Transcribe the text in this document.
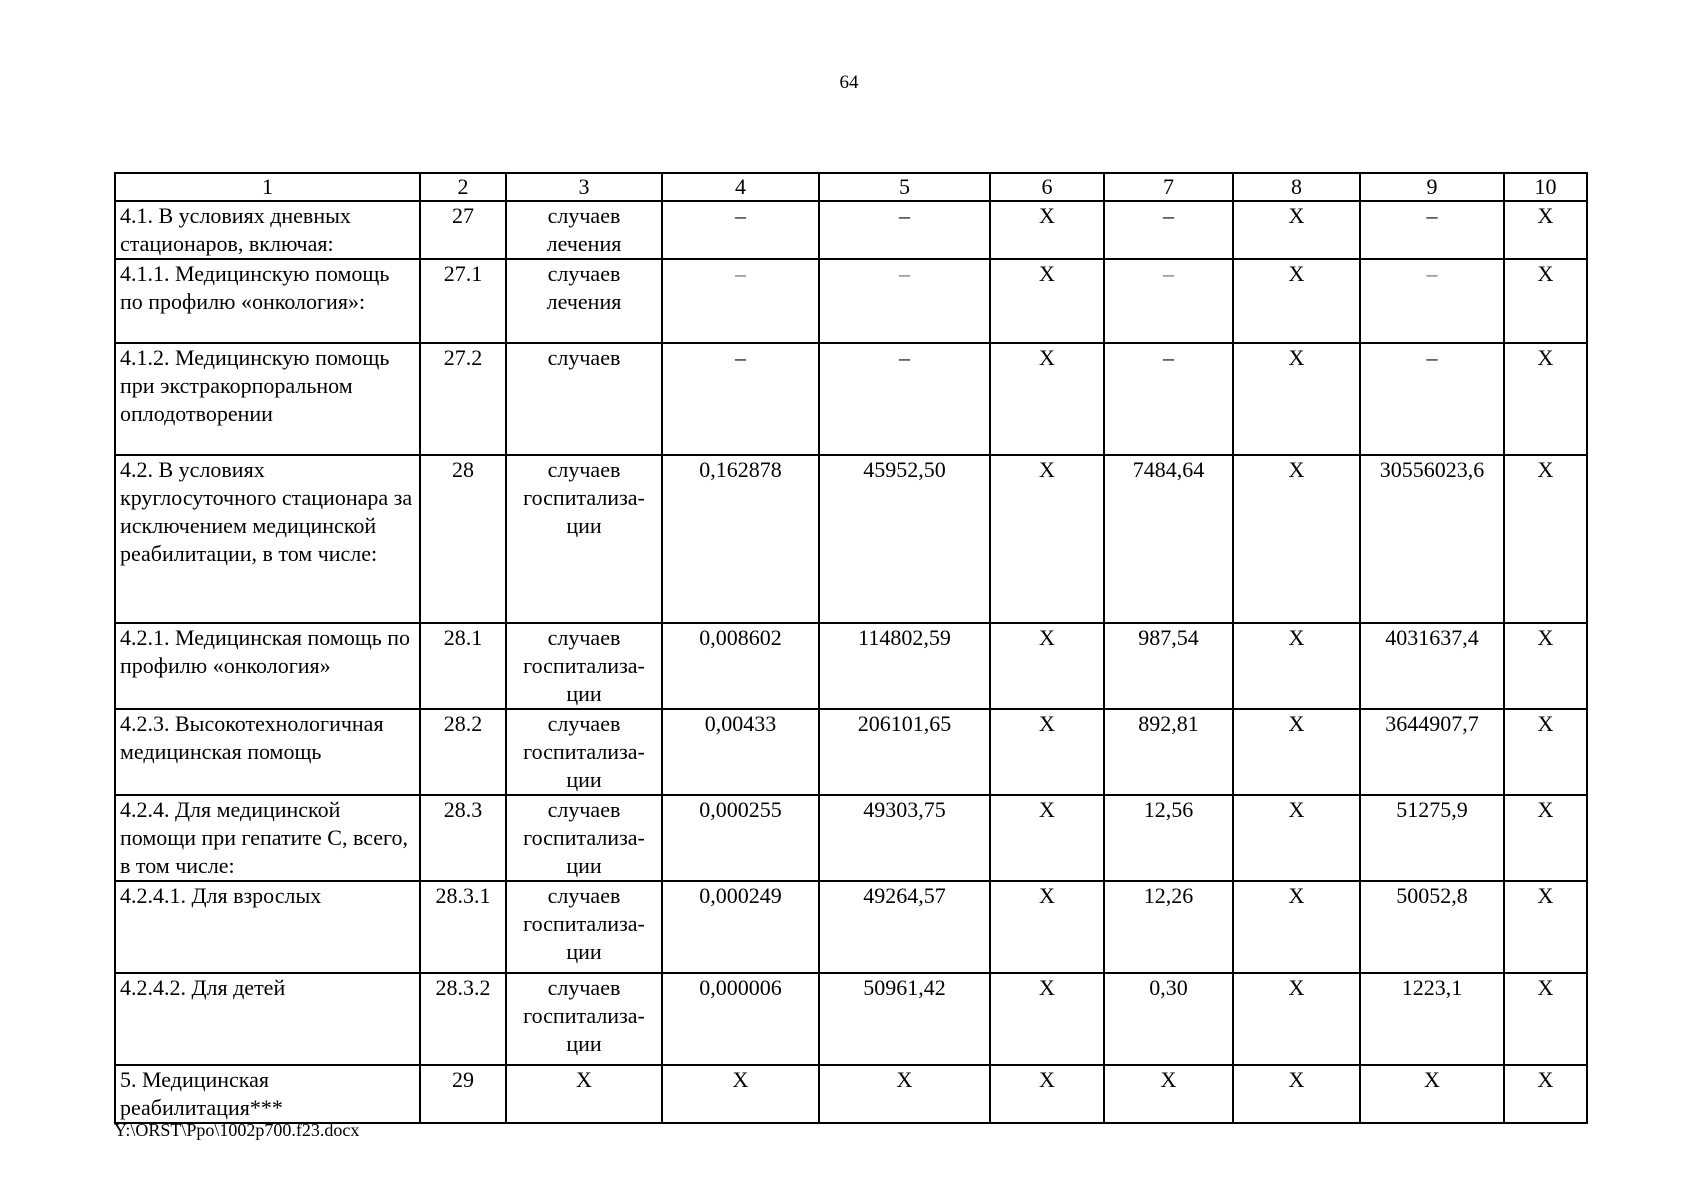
64
1	2	3	4	5	6	7	8	9	10
4.1. В условиях дневных стационаров, включая:	27	случаев лечения	–	–	Х	–	Х	–	Х
4.1.1. Медицинскую помощь по профилю «онкология»:	27.1	случаев лечения	–	–	Х	–	Х	–	Х
4.1.2. Медицинскую помощь при экстракорпоральном оплодотворении	27.2	случаев	–	–	Х	–	Х	–	Х
4.2. В условиях круглосуточного стационара за исключением медицинской реабилитации, в том числе:	28	случаев госпитализа-ции	0,162878	45952,50	Х	7484,64	Х	30556023,6	Х
4.2.1. Медицинская помощь по профилю «онкология»	28.1	случаев госпитализа-ции	0,008602	114802,59	Х	987,54	Х	4031637,4	Х
4.2.3. Высокотехнологичная медицинская помощь	28.2	случаев госпитализа-ции	0,00433	206101,65	Х	892,81	Х	3644907,7	Х
4.2.4. Для медицинской помощи при гепатите С, всего, в том числе:	28.3	случаев госпитализа-ции	0,000255	49303,75	Х	12,56	Х	51275,9	Х
4.2.4.1. Для взрослых	28.3.1	случаев госпитализа-ции	0,000249	49264,57	Х	12,26	Х	50052,8	Х
4.2.4.2. Для детей	28.3.2	случаев госпитализа-ции	0,000006	50961,42	Х	0,30	Х	1223,1	Х
5. Медицинская реабилитация***	29	Х	Х	Х	Х	Х	Х	Х	Х
Y:\ORST\Ppo\1002p700.f23.docx
